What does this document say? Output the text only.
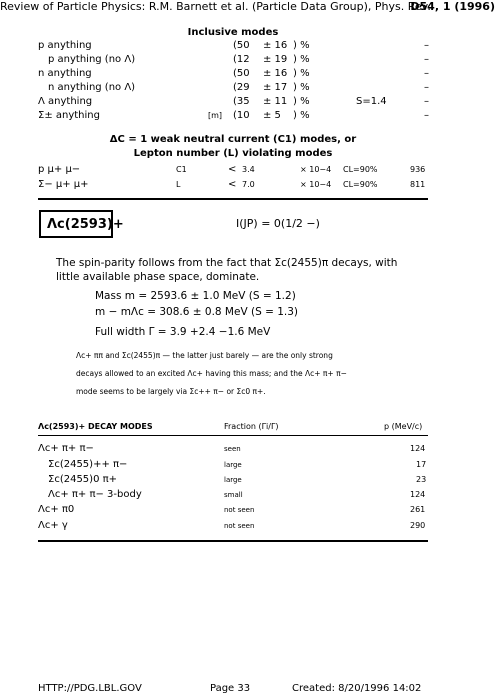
Review of Particle Physics: R.M. Barnett et al. (Particle Data Group), Phys. Rev.
D54, 1 (1996)
Inclusive modes
p anything	(50 ± 16 ) %	–
p anything (no Λ)	(12 ± 19 ) %	–
n anything	(50 ± 16 ) %	–
n anything (no Λ)	(29 ± 17 ) %	–
Λ anything	(35 ± 11 ) %	S=1.4	–
Σ± anything	[m] (10 ± 5 ) %	–
ΔC = 1 weak neutral current (C1) modes, or
Lepton number (L) violating modes
p μ+ μ−	C1	< 3.4	× 10−4 CL=90%	936
Σ− μ+ μ+	L	< 7.0	× 10−4 CL=90%	811
Λc(2593)+	I(JP) = 0(1/2 −)
The spin-parity follows from the fact that Σc(2455)π decays, with
little available phase space, dominate.
Mass m = 2593.6 ± 1.0 MeV (S = 1.2)
m − mΛc = 308.6 ± 0.8 MeV (S = 1.3)
Full width Γ = 3.9 +2.4 −1.6 MeV
Λc+ ππ and Σc(2455)π — the latter just barely — are the only strong
decays allowed to an excited Λc+ having this mass; and the Λc+ π+ π−
mode seems to be largely via Σc++ π− or Σc0 π+.
Λc(2593)+ DECAY MODES	Fraction (Γi/Γ)	p (MeV/c)
Λc+ π+ π−	seen	124
Σc(2455)++ π−	large	17
Σc(2455)0 π+	large	23
Λc+ π+ π− 3-body	small	124
Λc+ π0	not seen	261
Λc+ γ	not seen	290
HTTP://PDG.LBL.GOV	Page 33	Created: 8/20/1996 14:02
